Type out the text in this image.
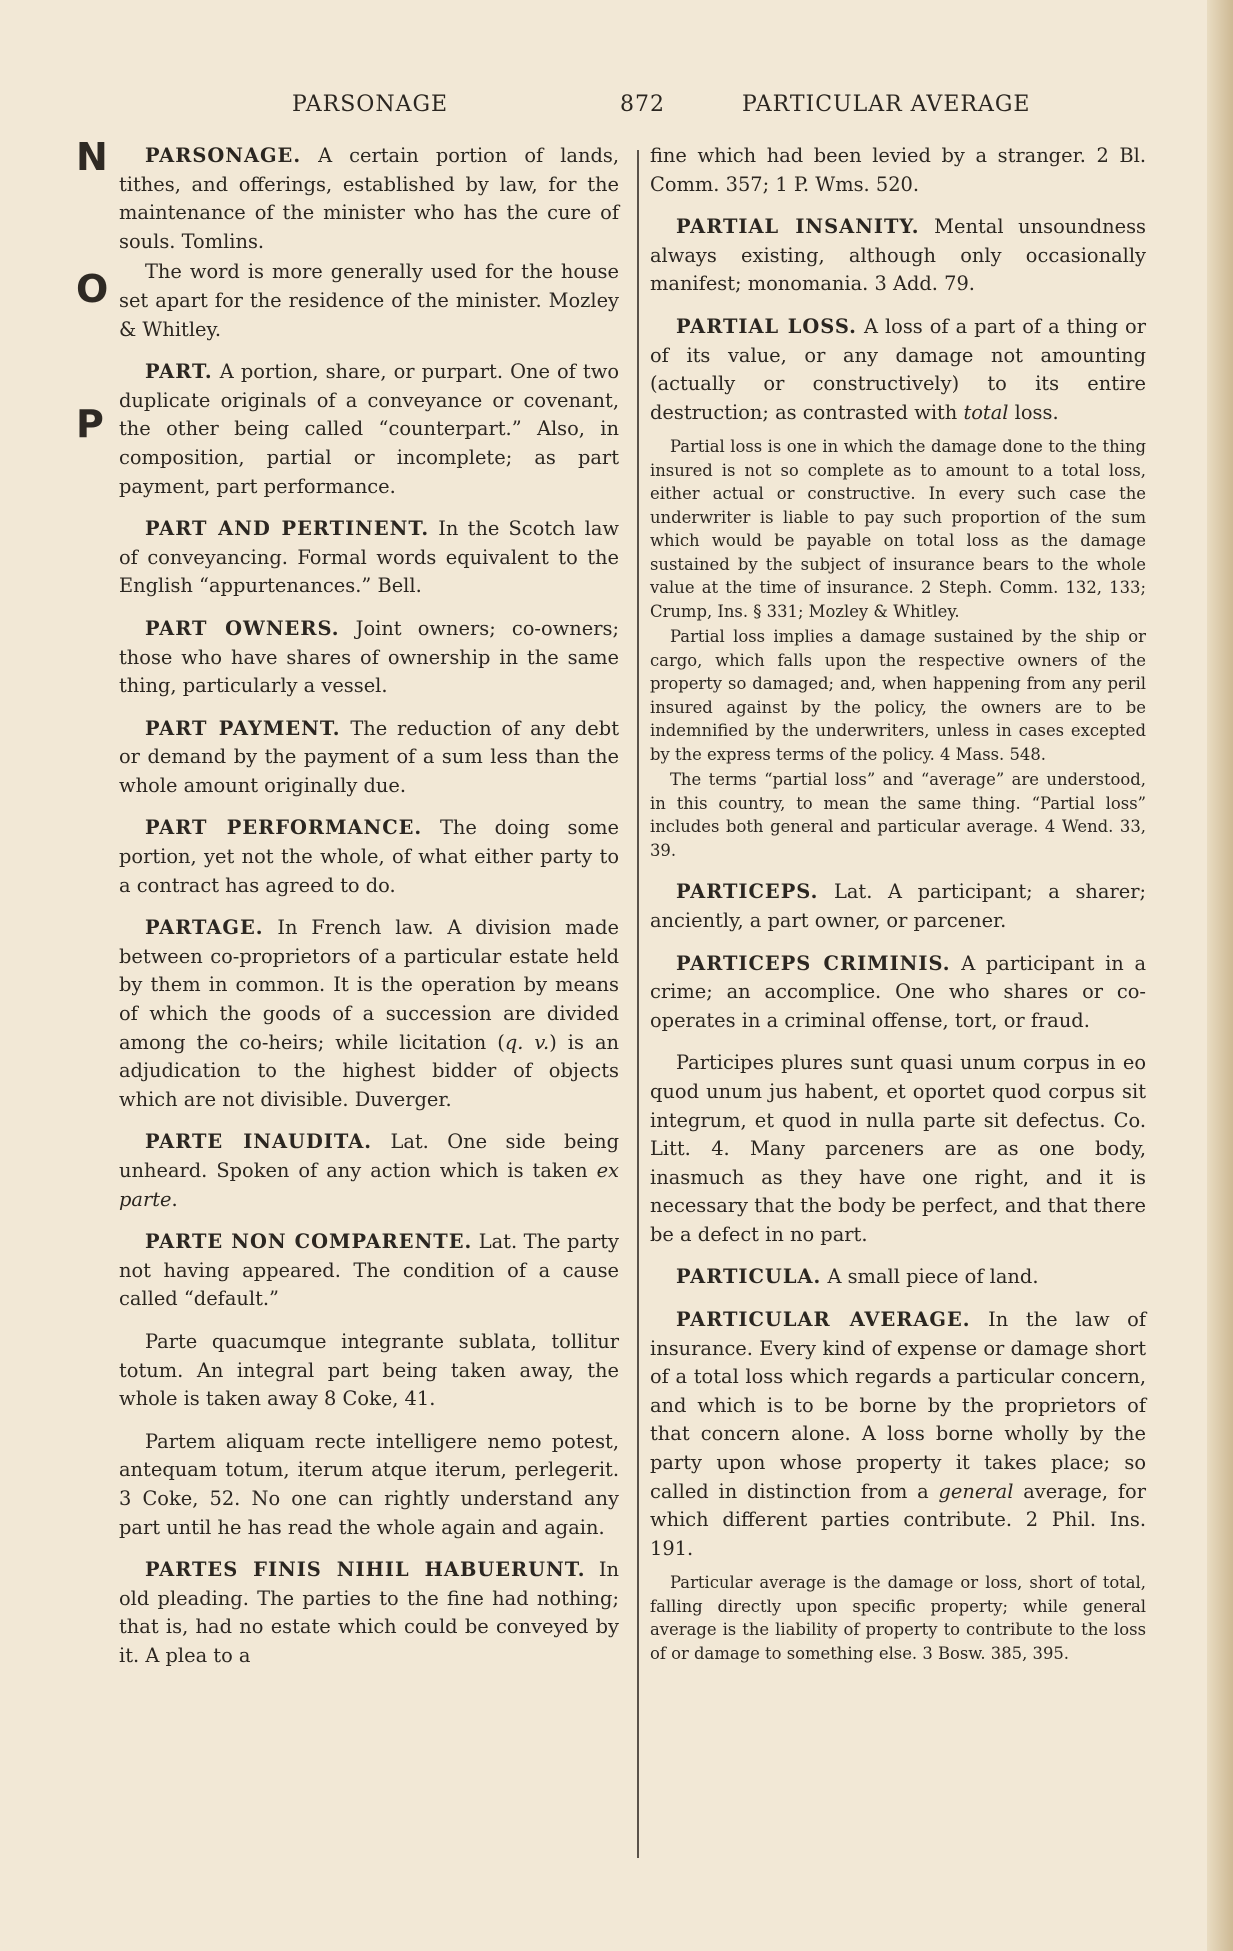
PARSONAGE	872	PARTICULAR AVERAGE
N
O
P

PARSONAGE. A certain portion of lands, tithes, and offerings, established by law, for the maintenance of the minister who has the cure of souls. Tomlins.

The word is more generally used for the house set apart for the residence of the minister. Mozley & Whitley.

PART. A portion, share, or purpart. One of two duplicate originals of a conveyance or covenant, the other being called “counterpart.” Also, in composition, partial or incomplete; as part payment, part performance.

PART AND PERTINENT. In the Scotch law of conveyancing. Formal words equivalent to the English “appurtenances.” Bell.

PART OWNERS. Joint owners; co-owners; those who have shares of ownership in the same thing, particularly a vessel.

PART PAYMENT. The reduction of any debt or demand by the payment of a sum less than the whole amount originally due.

PART PERFORMANCE. The doing some portion, yet not the whole, of what either party to a contract has agreed to do.

PARTAGE. In French law. A division made between co-proprietors of a particular estate held by them in common. It is the operation by means of which the goods of a succession are divided among the co-heirs; while licitation (q. v.) is an adjudication to the highest bidder of objects which are not divisible. Duverger.

PARTE INAUDITA. Lat. One side being unheard. Spoken of any action which is taken ex parte.

PARTE NON COMPARENTE. Lat. The party not having appeared. The condition of a cause called “default.”

Parte quacumque integrante sublata, tollitur totum. An integral part being taken away, the whole is taken away 8 Coke, 41.

Partem aliquam recte intelligere nemo potest, antequam totum, iterum atque iterum, perlegerit. 3 Coke, 52. No one can rightly understand any part until he has read the whole again and again.

PARTES FINIS NIHIL HABUERUNT. In old pleading. The parties to the fine had nothing; that is, had no estate which could be conveyed by it. A plea to a

fine which had been levied by a stranger. 2 Bl. Comm. 357; 1 P. Wms. 520.

PARTIAL INSANITY. Mental unsoundness always existing, although only occasionally manifest; monomania. 3 Add. 79.

PARTIAL LOSS. A loss of a part of a thing or of its value, or any damage not amounting (actually or constructively) to its entire destruction; as contrasted with total loss.

Partial loss is one in which the damage done to the thing insured is not so complete as to amount to a total loss, either actual or constructive. In every such case the underwriter is liable to pay such proportion of the sum which would be payable on total loss as the damage sustained by the subject of insurance bears to the whole value at the time of insurance. 2 Steph. Comm. 132, 133; Crump, Ins. § 331; Mozley & Whitley.

Partial loss implies a damage sustained by the ship or cargo, which falls upon the respective owners of the property so damaged; and, when happening from any peril insured against by the policy, the owners are to be indemnified by the underwriters, unless in cases excepted by the express terms of the policy. 4 Mass. 548.

The terms “partial loss” and “average” are understood, in this country, to mean the same thing. “Partial loss” includes both general and particular average. 4 Wend. 33, 39.

PARTICEPS. Lat. A participant; a sharer; anciently, a part owner, or parcener.

PARTICEPS CRIMINIS. A participant in a crime; an accomplice. One who shares or co-operates in a criminal offense, tort, or fraud.

Participes plures sunt quasi unum corpus in eo quod unum jus habent, et oportet quod corpus sit integrum, et quod in nulla parte sit defectus. Co. Litt. 4. Many parceners are as one body, inasmuch as they have one right, and it is necessary that the body be perfect, and that there be a defect in no part.

PARTICULA. A small piece of land.

PARTICULAR AVERAGE. In the law of insurance. Every kind of expense or damage short of a total loss which regards a particular concern, and which is to be borne by the proprietors of that concern alone. A loss borne wholly by the party upon whose property it takes place; so called in distinction from a general average, for which different parties contribute. 2 Phil. Ins. 191.

Particular average is the damage or loss, short of total, falling directly upon specific property; while general average is the liability of property to contribute to the loss of or damage to something else. 3 Bosw. 385, 395.
